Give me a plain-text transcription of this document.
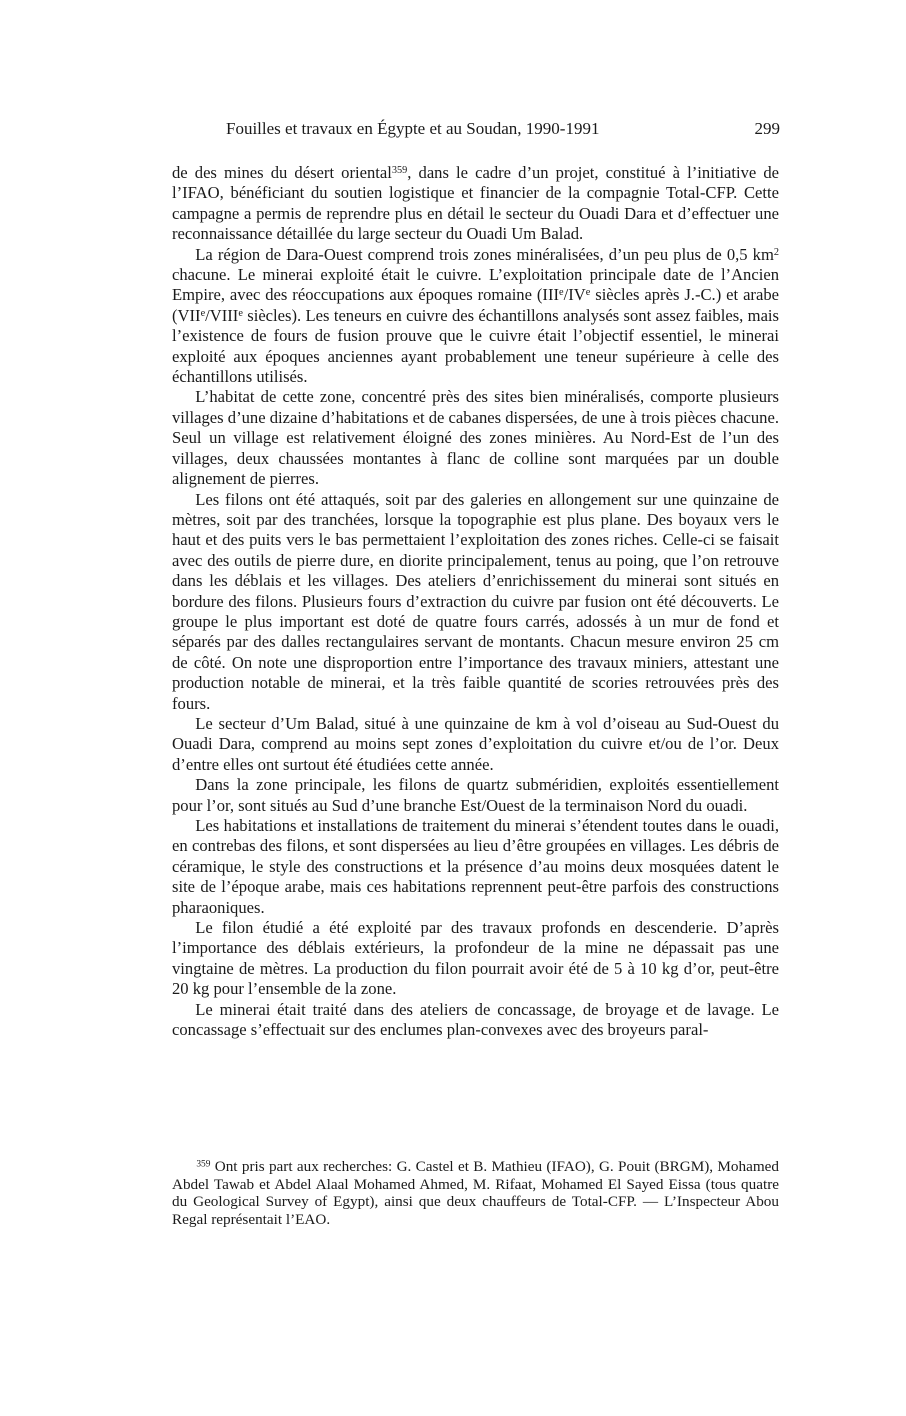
Fouilles et travaux en Égypte et au Soudan, 1990-1991	299

de des mines du désert oriental$^{359}$, dans le cadre d’un projet, constitué à l’initiative de l’IFAO, bénéficiant du soutien logistique et financier de la compagnie Total-CFP. Cette campagne a permis de reprendre plus en détail le secteur du Ouadi Dara et d’effectuer une reconnaissance détaillée du large secteur du Ouadi Um Balad.

La région de Dara-Ouest comprend trois zones minéralisées, d’un peu plus de 0,5 $km^2$ chacune. Le minerai exploité était le cuivre. L’exploitation principale date de l’Ancien Empire, avec des réoccupations aux époques romaine (IIIe/IVe siècles après J.-C.) et arabe (VIIe/VIIIe siècles). Les teneurs en cuivre des échantillons analysés sont assez faibles, mais l’existence de fours de fusion prouve que le cuivre était l’objectif essentiel, le minerai exploité aux époques anciennes ayant probablement une teneur supérieure à celle des échantillons utilisés.

L’habitat de cette zone, concentré près des sites bien minéralisés, comporte plusieurs villages d’une dizaine d’habitations et de cabanes dispersées, de une à trois pièces chacune. Seul un village est relativement éloigné des zones minières. Au Nord-Est de l’un des villages, deux chaussées montantes à flanc de colline sont marquées par un double alignement de pierres.

Les filons ont été attaqués, soit par des galeries en allongement sur une quinzaine de mètres, soit par des tranchées, lorsque la topographie est plus plane. Des boyaux vers le haut et des puits vers le bas permettaient l’exploitation des zones riches. Celle-ci se faisait avec des outils de pierre dure, en diorite principalement, tenus au poing, que l’on retrouve dans les déblais et les villages. Des ateliers d’enrichissement du minerai sont situés en bordure des filons. Plusieurs fours d’extraction du cuivre par fusion ont été découverts. Le groupe le plus important est doté de quatre fours carrés, adossés à un mur de fond et séparés par des dalles rectangulaires servant de montants. Chacun mesure environ 25 cm de côté. On note une disproportion entre l’importance des travaux miniers, attestant une production notable de minerai, et la très faible quantité de scories retrouvées près des fours.

Le secteur d’Um Balad, situé à une quinzaine de km à vol d’oiseau au Sud-Ouest du Ouadi Dara, comprend au moins sept zones d’exploitation du cuivre et/ou de l’or. Deux d’entre elles ont surtout été étudiées cette année.

Dans la zone principale, les filons de quartz subméridien, exploités essentiellement pour l’or, sont situés au Sud d’une branche Est/Ouest de la terminaison Nord du ouadi.

Les habitations et installations de traitement du minerai s’étendent toutes dans le ouadi, en contrebas des filons, et sont dispersées au lieu d’être groupées en villages. Les débris de céramique, le style des constructions et la présence d’au moins deux mosquées datent le site de l’époque arabe, mais ces habitations reprennent peut-être parfois des constructions pharaoniques.

Le filon étudié a été exploité par des travaux profonds en descenderie. D’après l’importance des déblais extérieurs, la profondeur de la mine ne dépassait pas une vingtaine de mètres. La production du filon pourrait avoir été de 5 à 10 kg d’or, peut-être 20 kg pour l’ensemble de la zone.

Le minerai était traité dans des ateliers de concassage, de broyage et de lavage. Le concassage s’effectuait sur des enclumes plan-convexes avec des broyeurs paral-

$^{359}$ Ont pris part aux recherches: G. Castel et B. Mathieu (IFAO), G. Pouit (BRGM), Mohamed Abdel Tawab et Abdel Alaal Mohamed Ahmed, M. Rifaat, Mohamed El Sayed Eissa (tous quatre du Geological Survey of Egypt), ainsi que deux chauffeurs de Total-CFP. — L’Inspecteur Abou Regal représentait l’EAO.
